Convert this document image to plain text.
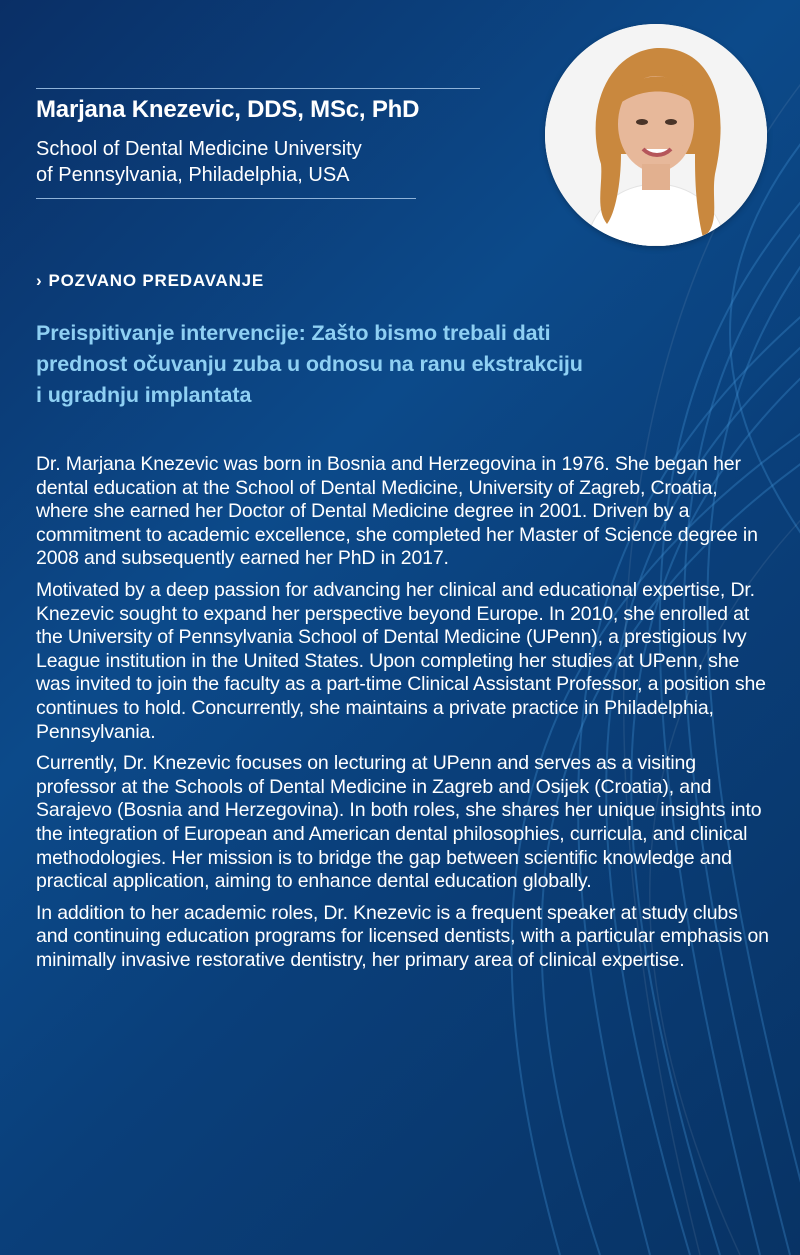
Marjana Knezevic, DDS, MSc, PhD
School of Dental Medicine University
of Pennsylvania, Philadelphia, USA
› POZVANO PREDAVANJE
Preispitivanje intervencije: Zašto bismo trebali dati
prednost očuvanju zuba u odnosu na ranu ekstrakciju
i ugradnju implantata

Dr. Marjana Knezevic was born in Bosnia and Herzegovina in 1976. She began her dental education at the School of Dental Medicine, University of Zagreb, Croatia, where she earned her Doctor of Dental Medicine degree in 2001. Driven by a commitment to academic excellence, she completed her Master of Science degree in 2008 and subsequently earned her PhD in 2017.

Motivated by a deep passion for advancing her clinical and educational expertise, Dr. Knezevic sought to expand her perspective beyond Europe. In 2010, she enrolled at the University of Pennsylvania School of Dental Medicine (UPenn), a prestigious Ivy League institution in the United States. Upon completing her studies at UPenn, she was invited to join the faculty as a part-time Clinical Assistant Professor, a position she continues to hold. Concurrently, she maintains a private practice in Philadelphia, Pennsylvania.

Currently, Dr. Knezevic focuses on lecturing at UPenn and serves as a visiting professor at the Schools of Dental Medicine in Zagreb and Osijek (Croatia), and Sarajevo (Bosnia and Herzegovina). In both roles, she shares her unique insights into the integration of European and American dental philosophies, curricula, and clinical methodologies. Her mission is to bridge the gap between scientific knowledge and practical application, aiming to enhance dental education globally.

In addition to her academic roles, Dr. Knezevic is a frequent speaker at study clubs and continuing education programs for licensed dentists, with a particular emphasis on minimally invasive restorative dentistry, her primary area of clinical expertise.
